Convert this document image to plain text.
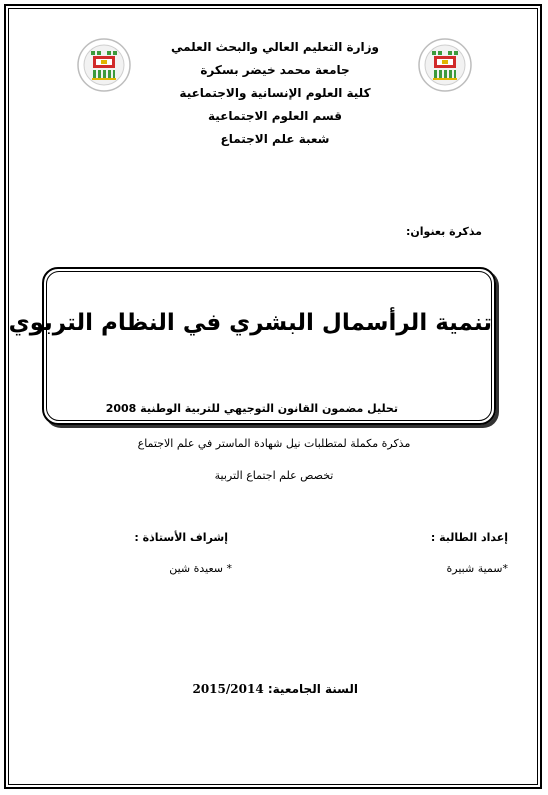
وزارة التعليم العالي والبحث العلمي
جامعة محمد خيضر بسكرة
كلية العلوم الإنسانية والاجتماعية
قسم العلوم الاجتماعية
شعبة علم الاجتماع
مذكرة بعنوان:
تنمية الرأسمال البشري في النظام التربوي
تحليل مضمون القانون التوجيهي للتربية الوطنية 2008
مذكرة مكملة لمتطلبات نيل شهادة الماستر في علم الاجتماع
تخصص علم اجتماع التربية
إعداد الطالبة :
*سمية شبيرة
إشراف الأستاذة :
* سعيدة شين
السنة الجامعية: 2015/2014
